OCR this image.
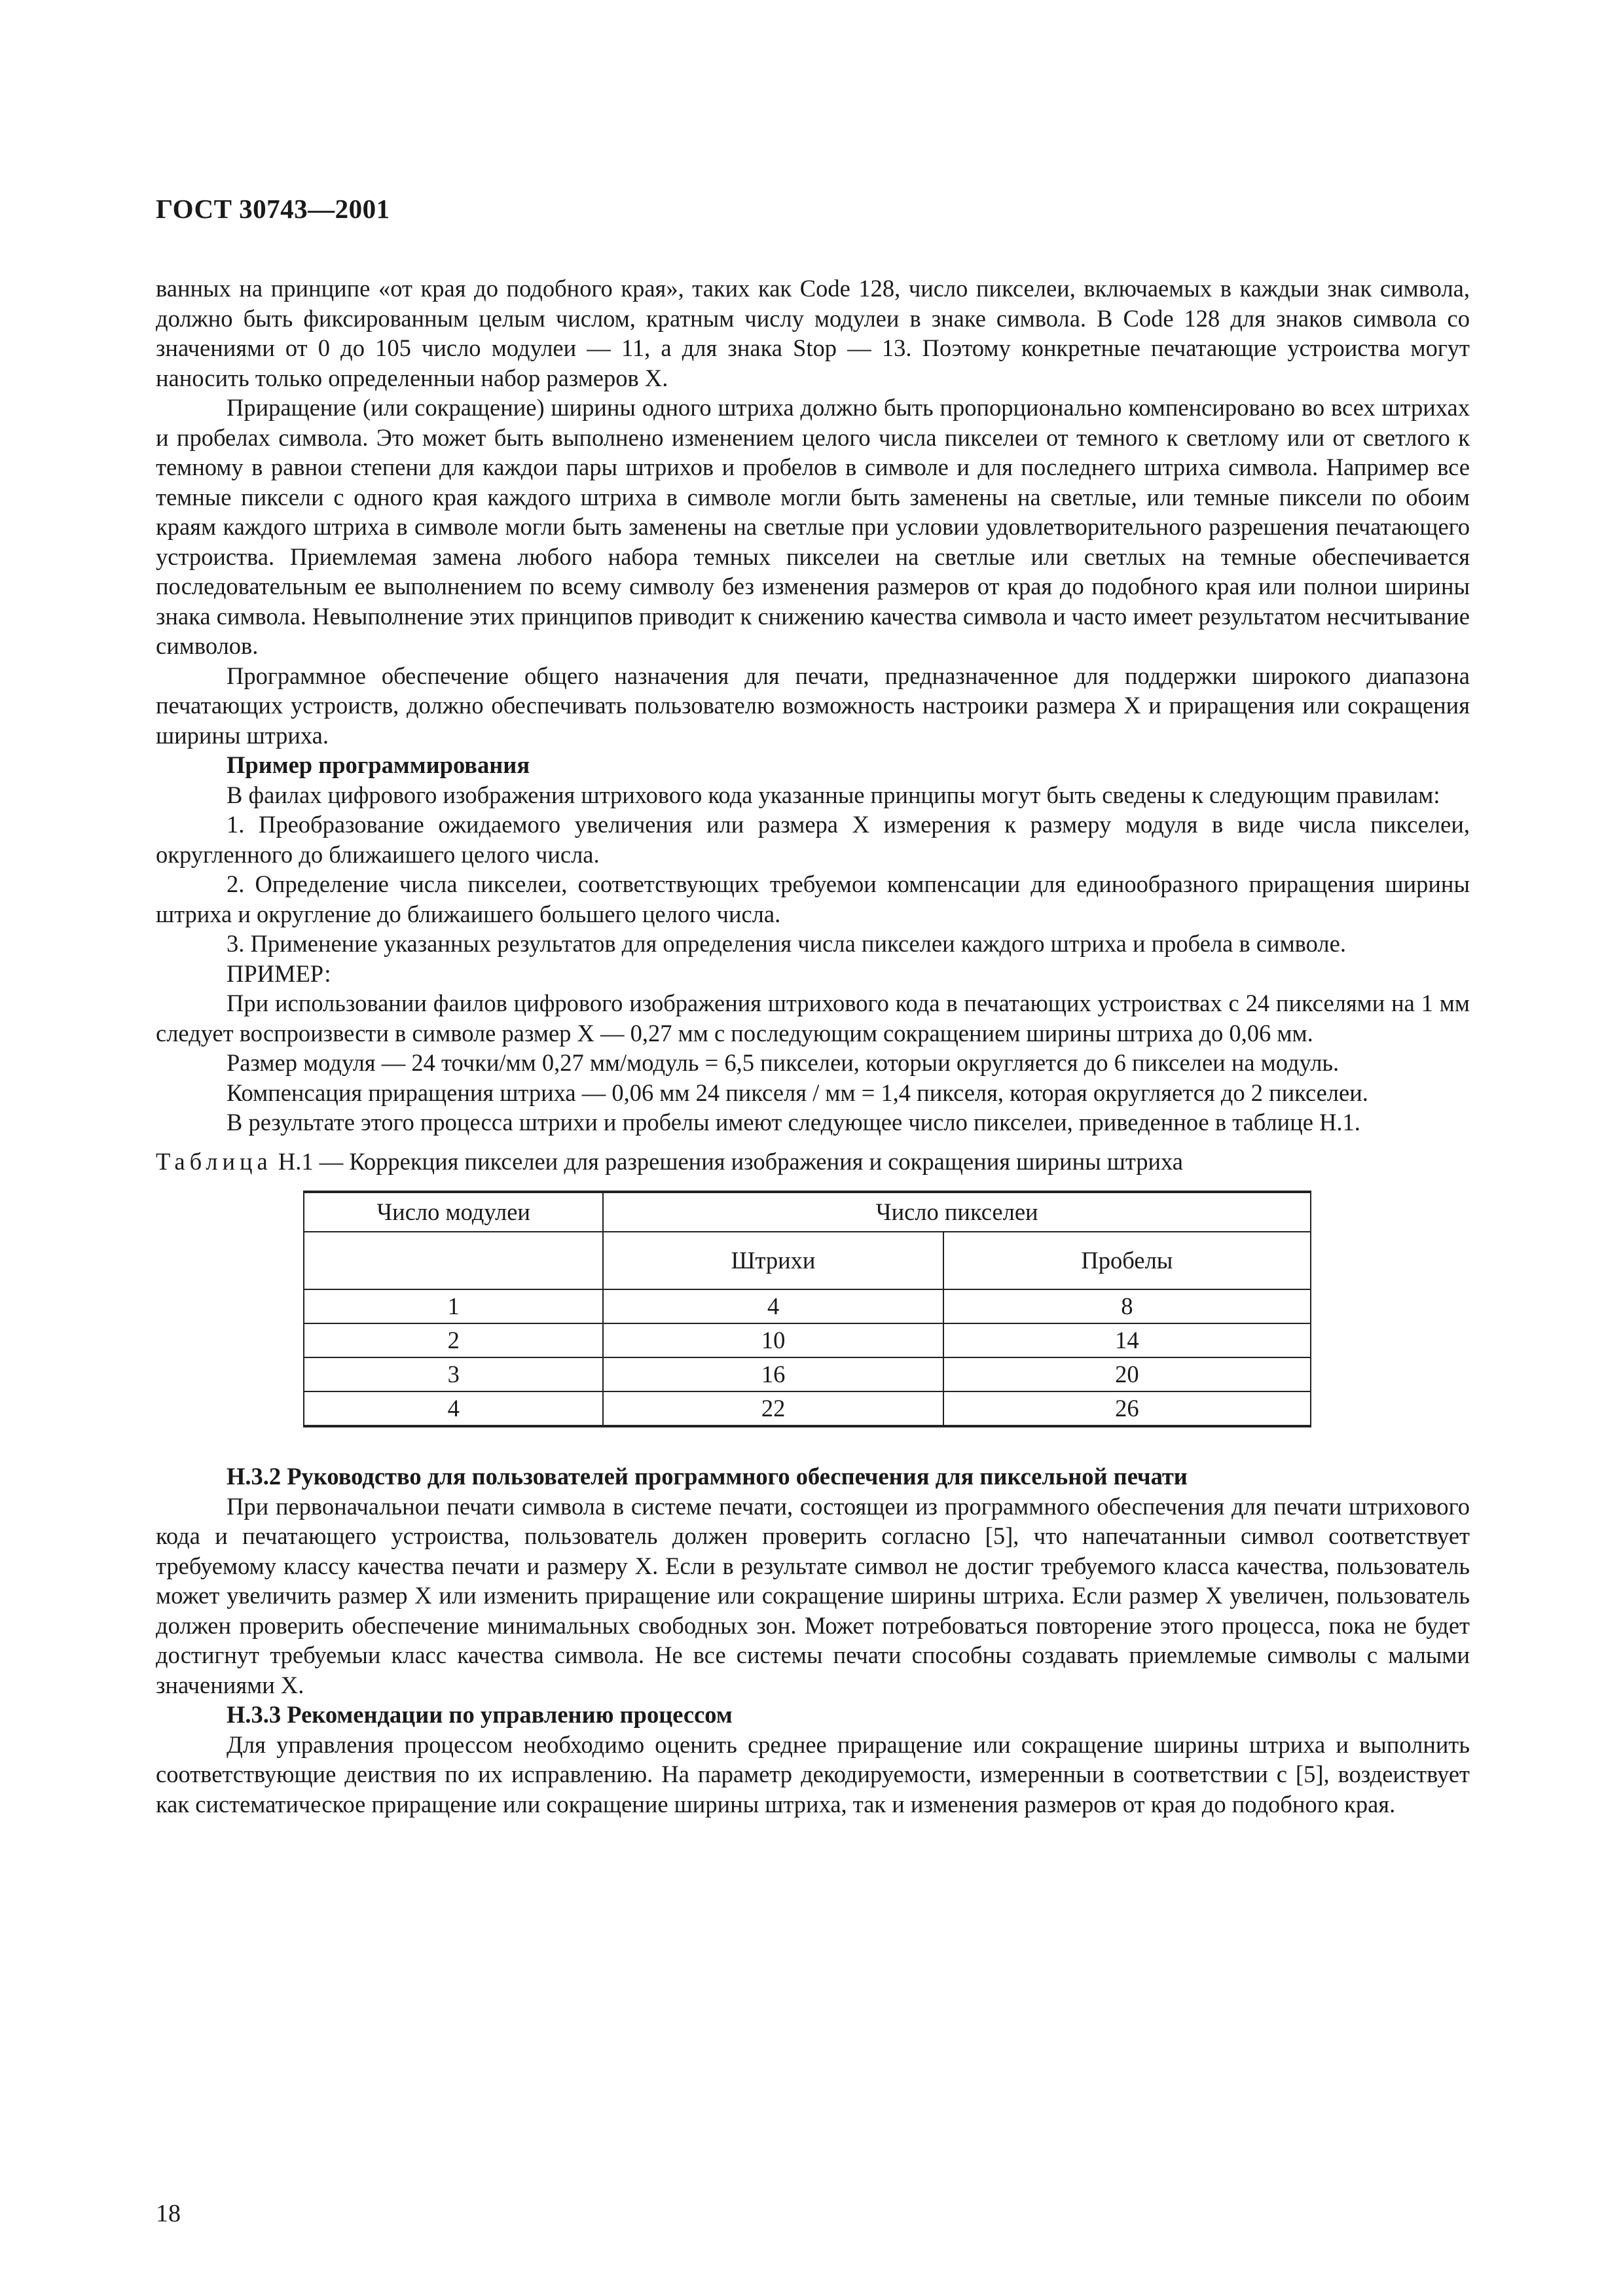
ГОСТ 30743—2001

ванных на принципе «от края до подобного края», таких как Code 128, число пикселеи, включаемых в каждыи знак символа, должно быть фиксированным целым числом, кратным числу модулеи в знаке символа. В Code 128 для знаков символа со значениями от 0 до 105 число модулеи — 11, а для знака Stop — 13. Поэтому конкретные печатающие устроиства могут наносить только определенныи набор размеров X.

Приращение (или сокращение) ширины одного штриха должно быть пропорционально компенсировано во всех штрихах и пробелах символа. Это может быть выполнено изменением целого числа пикселеи от темного к светлому или от светлого к темному в равнои степени для каждои пары штрихов и пробелов в символе и для последнего штриха символа. Например все темные пиксели с одного края каждого штриха в символе могли быть заменены на светлые, или темные пиксели по обоим краям каждого штриха в символе могли быть заменены на светлые при условии удовлетворительного разрешения печатающего устроиства. Приемлемая замена любого набора темных пикселеи на светлые или светлых на темные обеспечивается последовательным ее выполнением по всему символу без изменения размеров от края до подобного края или полнои ширины знака символа. Невыполнение этих принципов приводит к снижению качества символа и часто имеет результатом несчитывание символов.

Программное обеспечение общего назначения для печати, предназначенное для поддержки широкого диапазона печатающих устроиств, должно обеспечивать пользователю возможность настроики размера X и приращения или сокращения ширины штриха.

Пример программирования

В фаилах цифрового изображения штрихового кода указанные принципы могут быть сведены к следующим правилам:

1. Преобразование ожидаемого увеличения или размера X измерения к размеру модуля в виде числа пикселеи, округленного до ближаишего целого числа.

2. Определение числа пикселеи, соответствующих требуемои компенсации для единообразного приращения ширины штриха и округление до ближаишего большего целого числа.

3. Применение указанных результатов для определения числа пикселеи каждого штриха и пробела в символе.

ПРИМЕР:

При использовании фаилов цифрового изображения штрихового кода в печатающих устроиствах с 24 пикселями на 1 мм следует воспроизвести в символе размер X — 0,27 мм с последующим сокращением ширины штриха до 0,06 мм.

Размер модуля — 24 точки/мм 0,27 мм/модуль = 6,5 пикселеи, которыи округляется до 6 пикселеи на модуль.

Компенсация приращения штриха — 0,06 мм 24 пикселя / мм = 1,4 пикселя, которая округляется до 2 пикселеи.

В результате этого процесса штрихи и пробелы имеют следующее число пикселеи, приведенное в таблице Н.1.

Таблица Н.1 — Коррекция пикселеи для разрешения изображения и сокращения ширины штриха

Число модулеи	Число пикселеи	
	Штрихи	Пробелы
1	4	8
2	10	14
3	16	20
4	22	26

Н.3.2 Руководство для пользователей программного обеспечения для пиксельной печати

При первоначальнои печати символа в системе печати, состоящеи из программного обеспечения для печати штрихового кода и печатающего устроиства, пользователь должен проверить согласно [5], что напечатанныи символ соответствует требуемому классу качества печати и размеру X. Если в результате символ не достиг требуемого класса качества, пользователь может увеличить размер X или изменить приращение или сокращение ширины штриха. Если размер X увеличен, пользователь должен проверить обеспечение минимальных свободных зон. Может потребоваться повторение этого процесса, пока не будет достигнут требуемыи класс качества символа. Не все системы печати способны создавать приемлемые символы с малыми значениями X.

Н.3.3 Рекомендации по управлению процессом

Для управления процессом необходимо оценить среднее приращение или сокращение ширины штриха и выполнить соответствующие деиствия по их исправлению. На параметр декодируемости, измеренныи в соответствии с [5], воздеиствует как систематическое приращение или сокращение ширины штриха, так и изменения размеров от края до подобного края.

18
